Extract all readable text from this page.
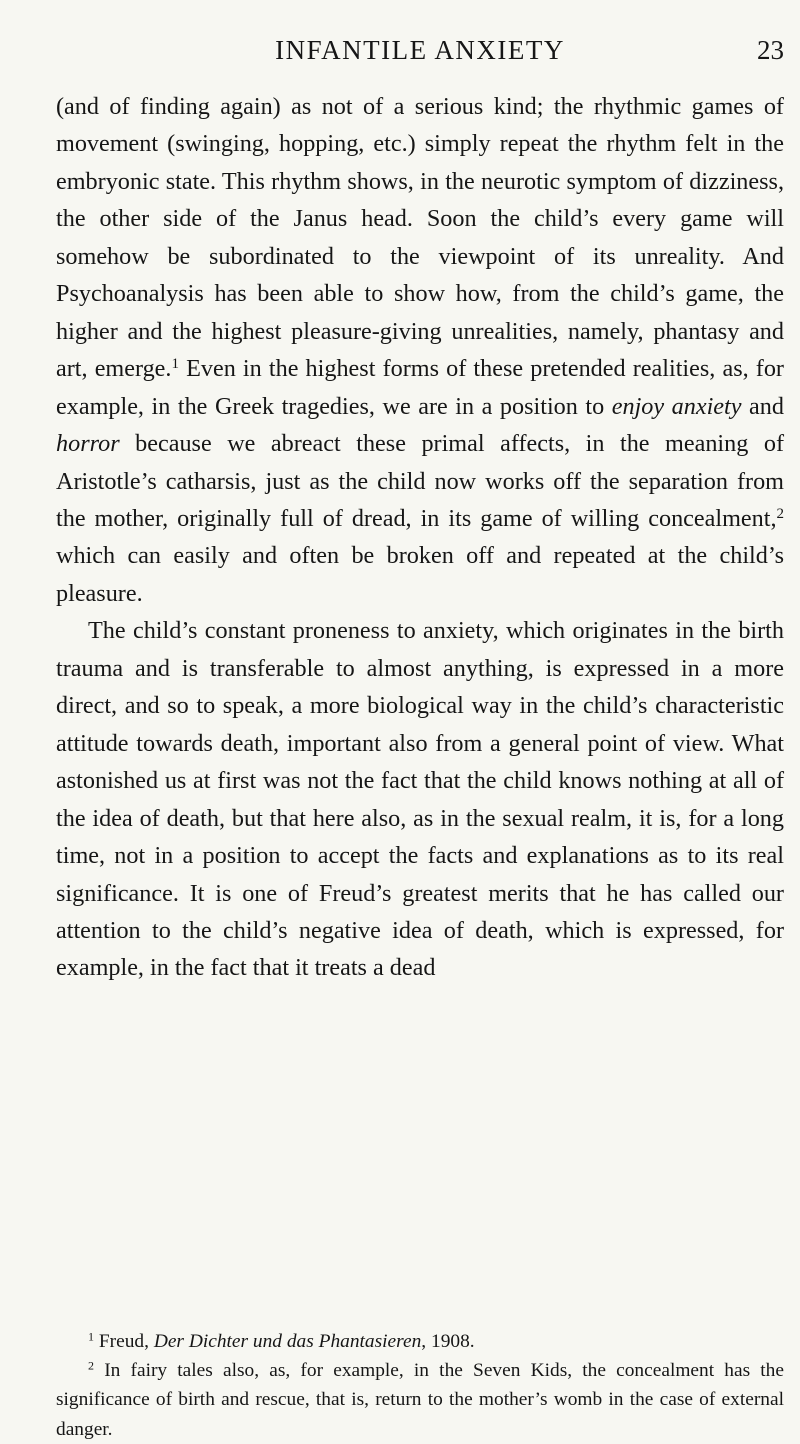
INFANTILE ANXIETY	23

(and of finding again) as not of a serious kind; the rhythmic games of movement (swinging, hopping, etc.) simply repeat the rhythm felt in the embryonic state. This rhythm shows, in the neurotic symptom of dizziness, the other side of the Janus head. Soon the child’s every game will somehow be subordinated to the viewpoint of its unreality. And Psychoanalysis has been able to show how, from the child’s game, the higher and the highest pleasure-giving unrealities, namely, phantasy and art, emerge.$^1$ Even in the highest forms of these pretended realities, as, for example, in the Greek tragedies, we are in a position to enjoy anxiety and horror because we abreact these primal affects, in the meaning of Aristotle’s catharsis, just as the child now works off the separation from the mother, originally full of dread, in its game of willing concealment,$^2$ which can easily and often be broken off and repeated at the child’s pleasure.

The child’s constant proneness to anxiety, which originates in the birth trauma and is transferable to almost anything, is expressed in a more direct, and so to speak, a more biological way in the child’s characteristic attitude towards death, important also from a general point of view. What astonished us at first was not the fact that the child knows nothing at all of the idea of death, but that here also, as in the sexual realm, it is, for a long time, not in a position to accept the facts and explanations as to its real significance. It is one of Freud’s greatest merits that he has called our attention to the child’s negative idea of death, which is expressed, for example, in the fact that it treats a dead

$^1$ Freud, Der Dichter und das Phantasieren, 1908.

$^2$ In fairy tales also, as, for example, in the Seven Kids, the concealment has the significance of birth and rescue, that is, return to the mother’s womb in the case of external danger.
